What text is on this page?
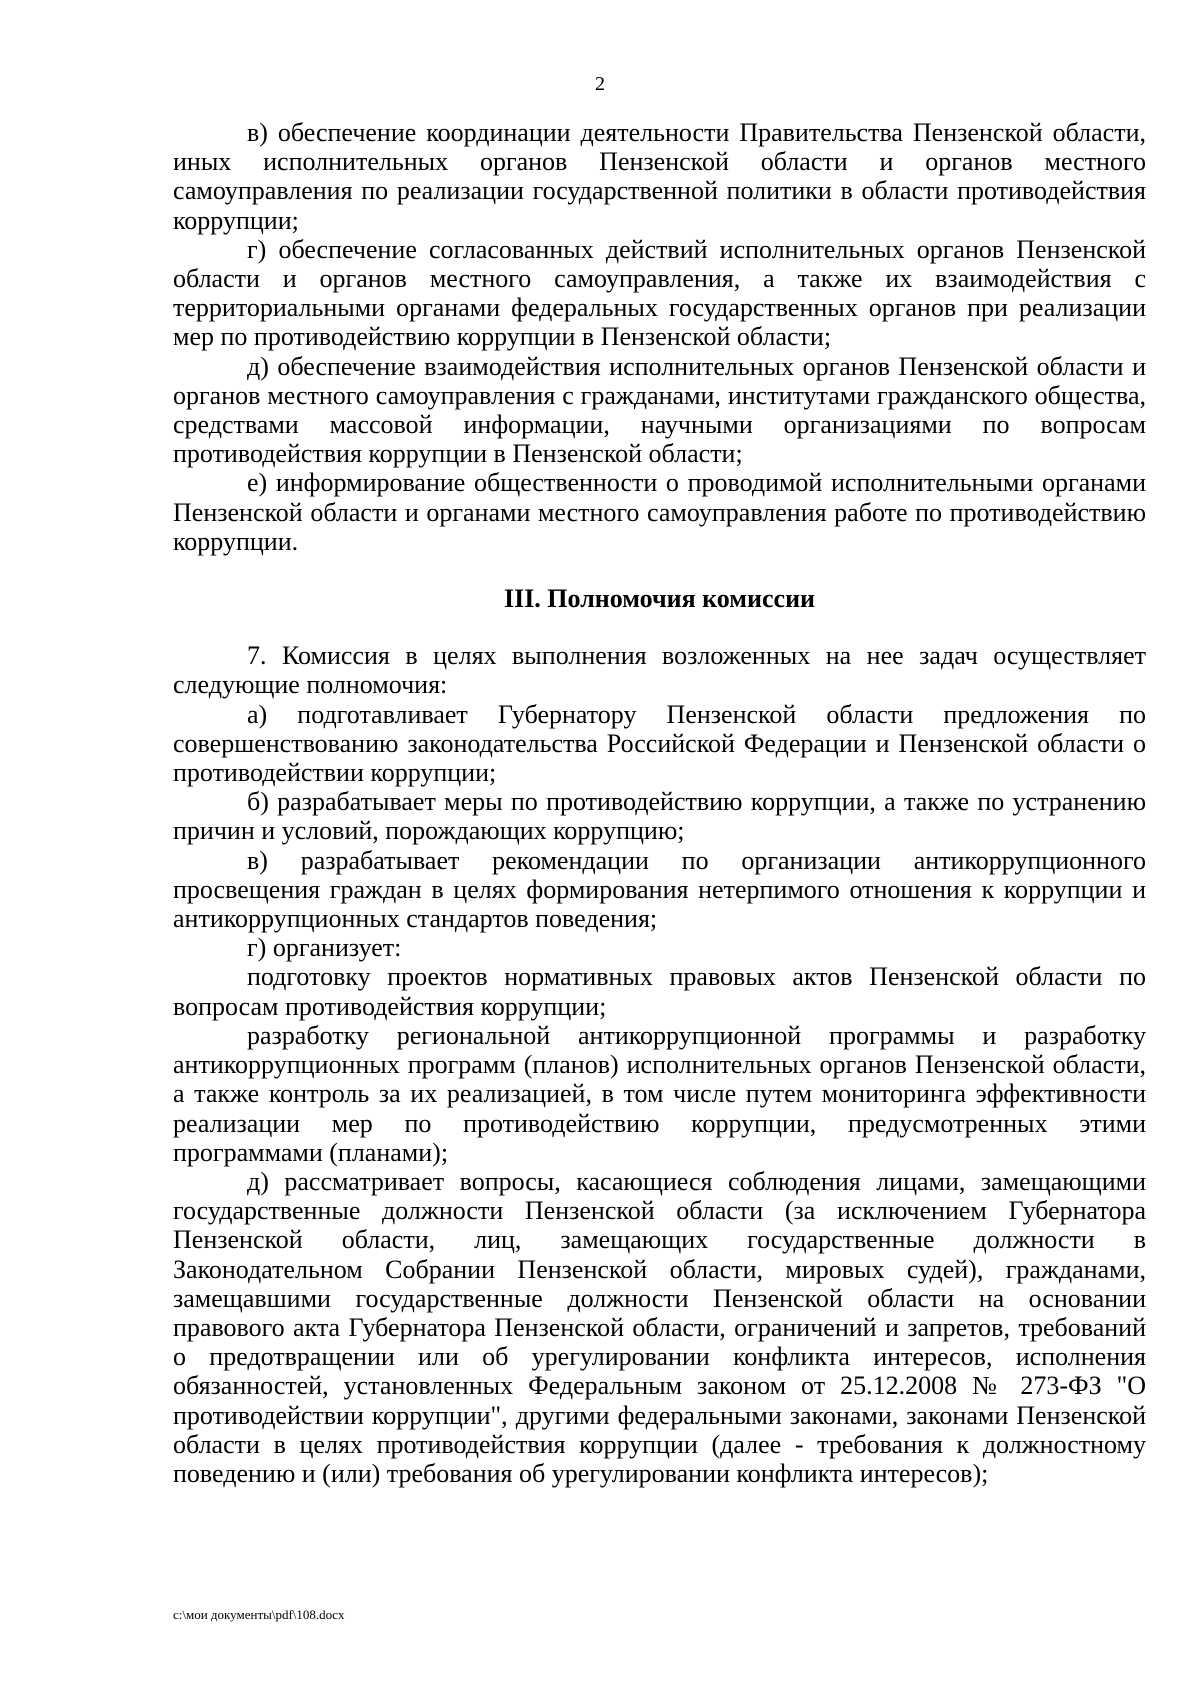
2

в) обеспечение координации деятельности Правительства Пензенской области, иных исполнительных органов Пензенской области и органов местного самоуправления по реализации государственной политики в области противодействия коррупции;

г) обеспечение согласованных действий исполнительных органов Пензенской области и органов местного самоуправления, а также их взаимодействия с территориальными органами федеральных государственных органов при реализации мер по противодействию коррупции в Пензенской области;

д) обеспечение взаимодействия исполнительных органов Пензенской области и органов местного самоуправления с гражданами, институтами гражданского общества, средствами массовой информации, научными организациями по вопросам противодействия коррупции в Пензенской области;

е) информирование общественности о проводимой исполнительными органами Пензенской области и органами местного самоуправления работе по противодействию коррупции.

III. Полномочия комиссии

7. Комиссия в целях выполнения возложенных на нее задач осуществляет следующие полномочия:

а) подготавливает Губернатору Пензенской области предложения по совершенствованию законодательства Российской Федерации и Пензенской области о противодействии коррупции;

б) разрабатывает меры по противодействию коррупции, а также по устранению причин и условий, порождающих коррупцию;

в) разрабатывает рекомендации по организации антикоррупционного просвещения граждан в целях формирования нетерпимого отношения к коррупции и антикоррупционных стандартов поведения;

г) организует:

подготовку проектов нормативных правовых актов Пензенской области по вопросам противодействия коррупции;

разработку региональной антикоррупционной программы и разработку антикоррупционных программ (планов) исполнительных органов Пензенской области, а также контроль за их реализацией, в том числе путем мониторинга эффективности реализации мер по противодействию коррупции, предусмотренных этими программами (планами);

д) рассматривает вопросы, касающиеся соблюдения лицами, замещающими государственные должности Пензенской области (за исключением Губернатора Пензенской области, лиц, замещающих государственные должности в Законодательном Собрании Пензенской области, мировых судей), гражданами, замещавшими государственные должности Пензенской области на основании правового акта Губернатора Пензенской области, ограничений и запретов, требований о предотвращении или об урегулировании конфликта интересов, исполнения обязанностей, установленных Федеральным законом от 25.12.2008 № 273-ФЗ "О противодействии коррупции", другими федеральными законами, законами Пензенской области в целях противодействия коррупции (далее - требования к должностному поведению и (или) требования об урегулировании конфликта интересов);

c:\мои документы\pdf\108.docx
